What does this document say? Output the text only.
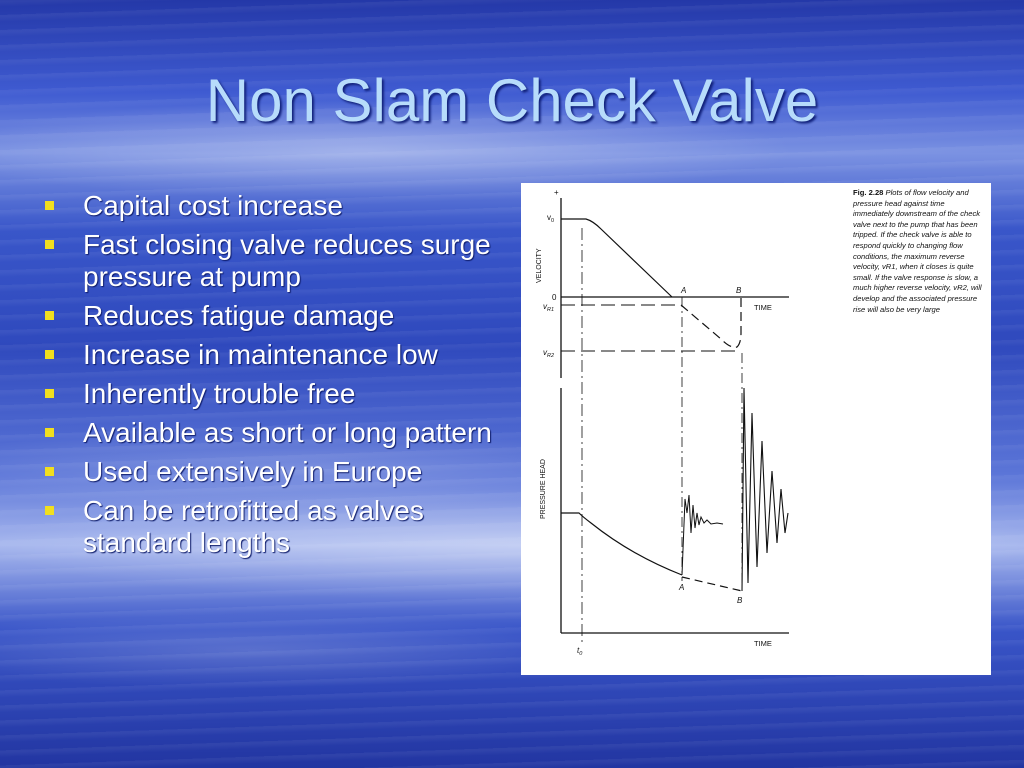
Non Slam Check Valve
Capital cost increase
Fast closing valve reduces surge pressure at pump
Reduces fatigue damage
Increase in maintenance low
Inherently trouble free
Available as short or long pattern
Used extensively in Europe
Can be retrofitted as valves standard lengths
+
$v_0$
0
$v_{R1}$
$v_{R2}$
A	B
TIME
VELOCITY
A
B
TIME
$t_0$
PRESSURE HEAD
Fig. 2.28 Plots of flow velocity and pressure head against time immediately downstream of the check valve next to the pump that has been tripped. If the check valve is able to respond quickly to changing flow conditions, the maximum reverse velocity, vR1, when it closes is quite small. If the valve response is slow, a much higher reverse velocity, vR2, will develop and the associated pressure rise will also be very large
